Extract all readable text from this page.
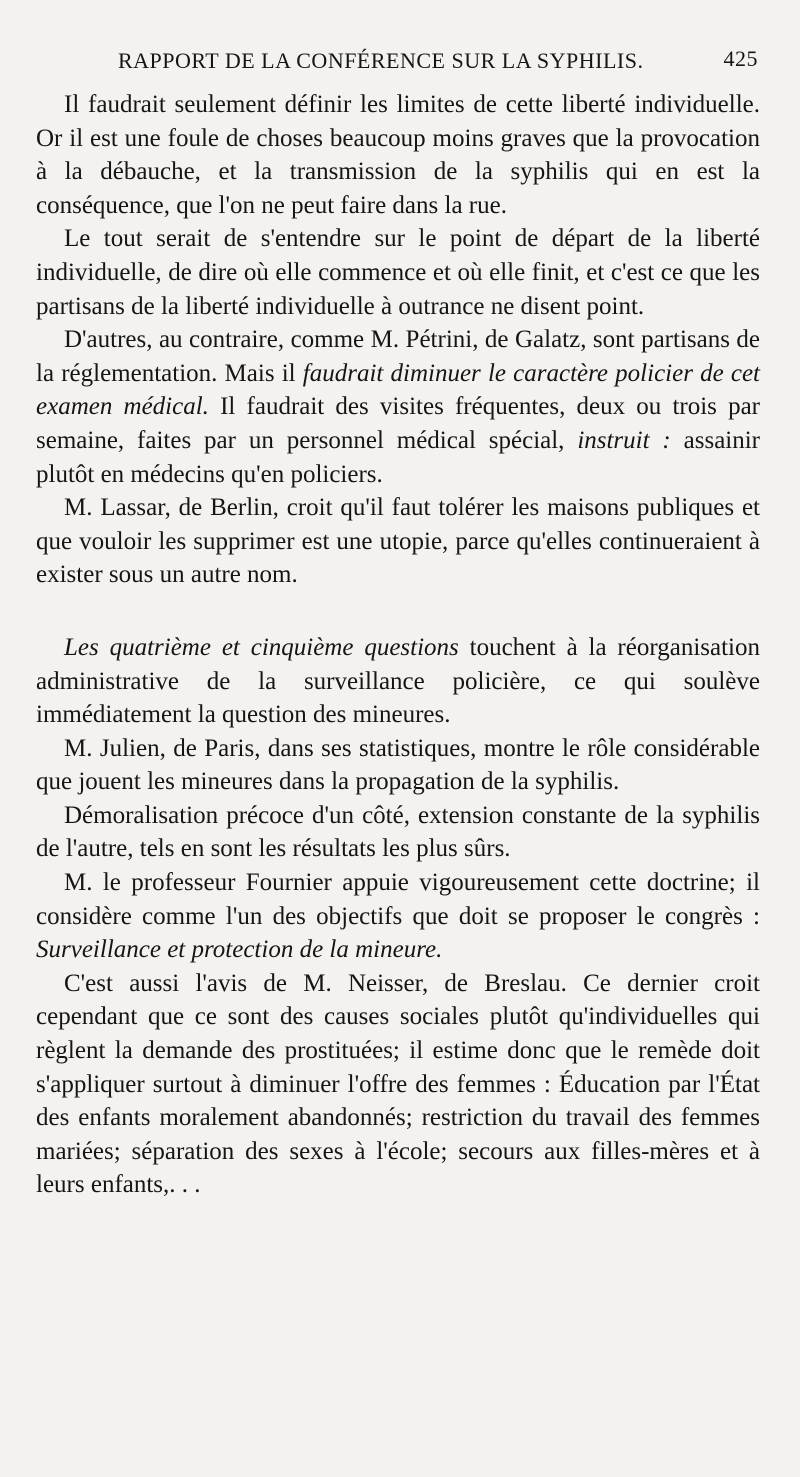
RAPPORT DE LA CONFÉRENCE SUR LA SYPHILIS.	425

Il faudrait seulement définir les limites de cette liberté individuelle. Or il est une foule de choses beaucoup moins graves que la provocation à la débauche, et la transmission de la syphilis qui en est la conséquence, que l'on ne peut faire dans la rue.

Le tout serait de s'entendre sur le point de départ de la liberté individuelle, de dire où elle commence et où elle finit, et c'est ce que les partisans de la liberté individuelle à outrance ne disent point.

D'autres, au contraire, comme M. Pétrini, de Galatz, sont partisans de la réglementation. Mais il faudrait diminuer le caractère policier de cet examen médical. Il faudrait des visites fréquentes, deux ou trois par semaine, faites par un personnel médical spécial, instruit : assainir plutôt en médecins qu'en policiers.

M. Lassar, de Berlin, croit qu'il faut tolérer les maisons publiques et que vouloir les supprimer est une utopie, parce qu'elles continueraient à exister sous un autre nom.

Les quatrième et cinquième questions touchent à la réorganisation administrative de la surveillance policière, ce qui soulève immédiatement la question des mineures.

M. Julien, de Paris, dans ses statistiques, montre le rôle considérable que jouent les mineures dans la propagation de la syphilis.

Démoralisation précoce d'un côté, extension constante de la syphilis de l'autre, tels en sont les résultats les plus sûrs.

M. le professeur Fournier appuie vigoureusement cette doctrine; il considère comme l'un des objectifs que doit se proposer le congrès : Surveillance et protection de la mineure.

C'est aussi l'avis de M. Neisser, de Breslau. Ce dernier croit cependant que ce sont des causes sociales plutôt qu'individuelles qui règlent la demande des prostituées; il estime donc que le remède doit s'appliquer surtout à diminuer l'offre des femmes : Éducation par l'État des enfants moralement abandonnés; restriction du travail des femmes mariées; séparation des sexes à l'école; secours aux filles-mères et à leurs enfants,. . .
